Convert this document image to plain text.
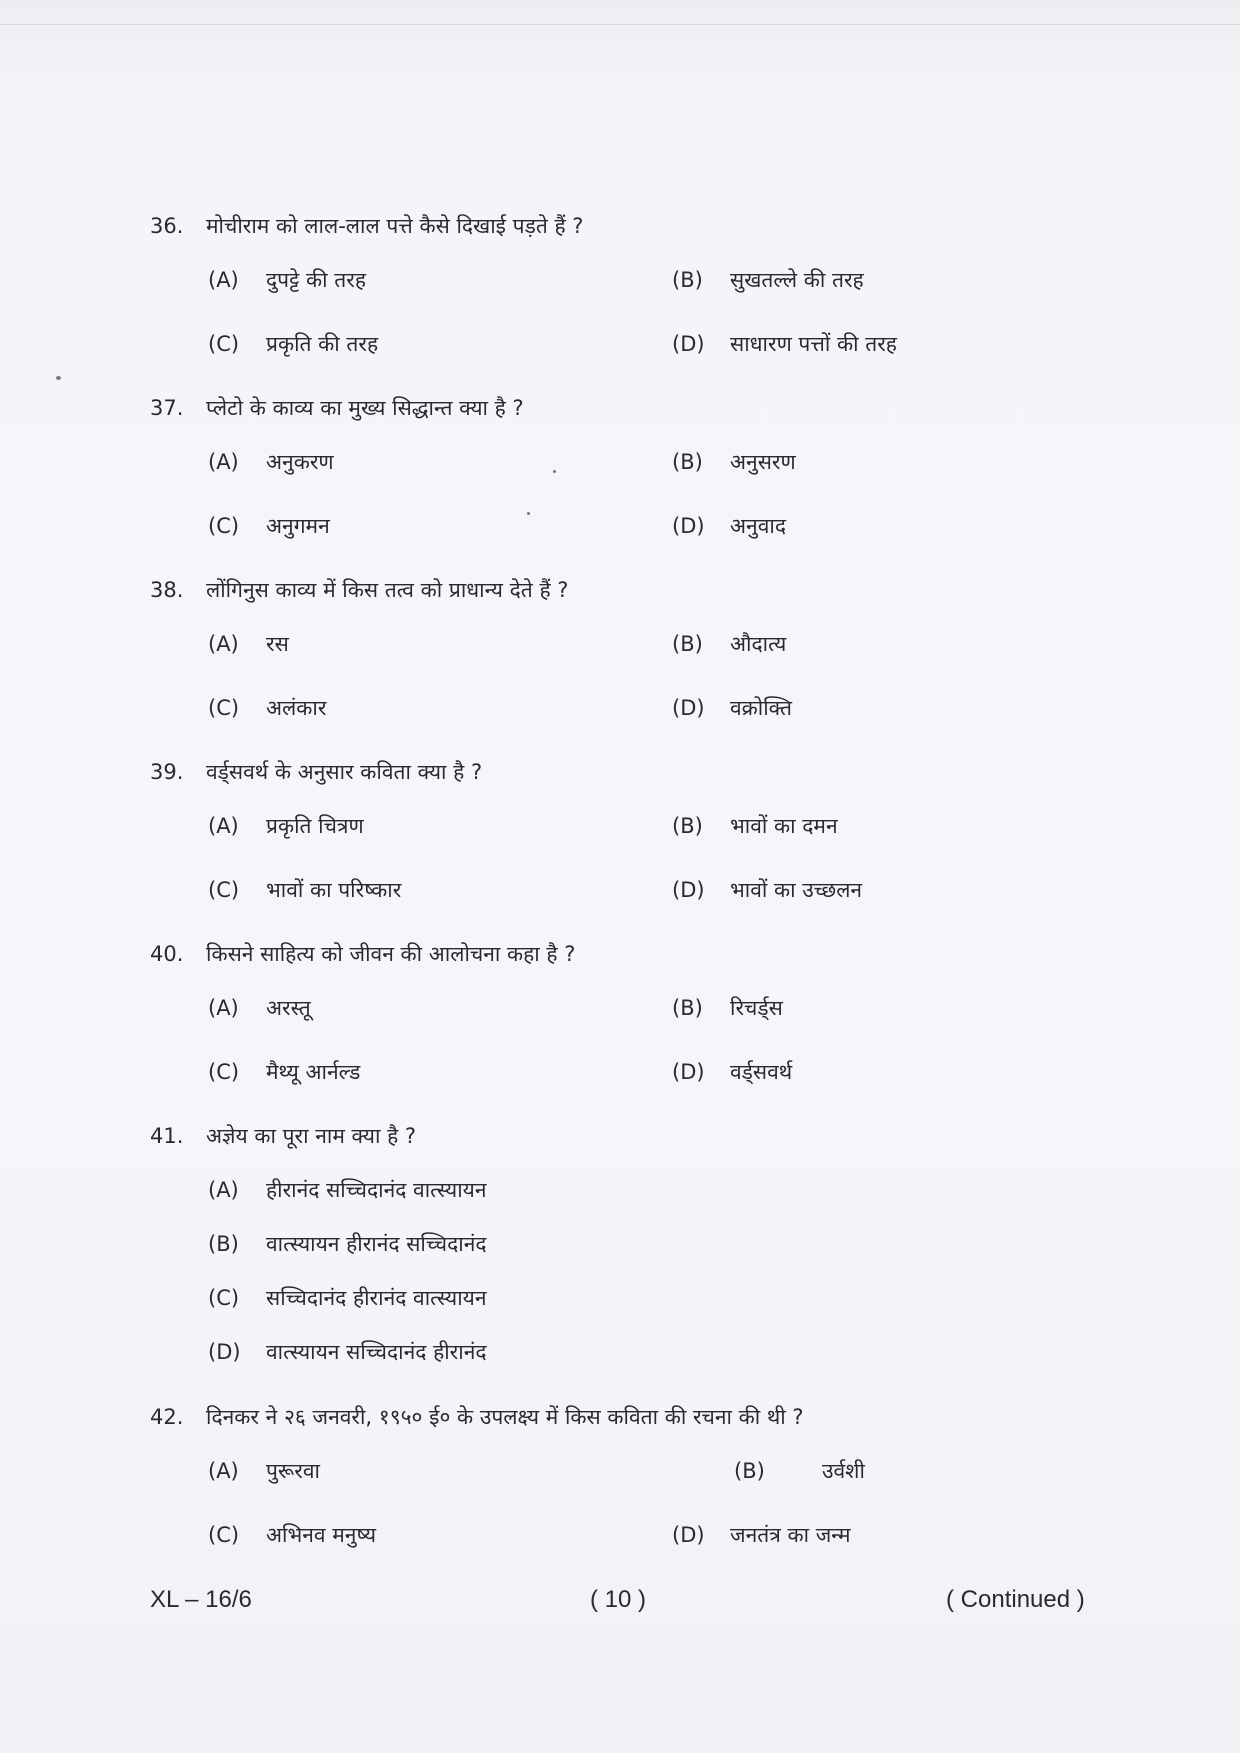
36. मोचीराम को लाल-लाल पत्ते कैसे दिखाई पड़ते हैं ?
(A) दुपट्टे की तरह	(B) सुखतल्ले की तरह
(C) प्रकृति की तरह	(D) साधारण पत्तों की तरह
37. प्लेटो के काव्य का मुख्य सिद्धान्त क्या है ?
(A) अनुकरण	(B) अनुसरण
(C) अनुगमन	(D) अनुवाद
38. लोंगिनुस काव्य में किस तत्व को प्राधान्य देते हैं ?
(A) रस	(B) औदात्य
(C) अलंकार	(D) वक्रोक्ति
39. वर्ड्सवर्थ के अनुसार कविता क्या है ?
(A) प्रकृति चित्रण	(B) भावों का दमन
(C) भावों का परिष्कार	(D) भावों का उच्छलन
40. किसने साहित्य को जीवन की आलोचना कहा है ?
(A) अरस्तू	(B) रिचर्ड्स
(C) मैथ्यू आर्नल्ड	(D) वर्ड्सवर्थ
41. अज्ञेय का पूरा नाम क्या है ?
(A) हीरानंद सच्चिदानंद वात्स्यायन
(B) वात्स्यायन हीरानंद सच्चिदानंद
(C) सच्चिदानंद हीरानंद वात्स्यायन
(D) वात्स्यायन सच्चिदानंद हीरानंद
42. दिनकर ने २६ जनवरी, १९५० ई० के उपलक्ष्य में किस कविता की रचना की थी ?
(A) पुरूरवा	(B)	उर्वशी
(C) अभिनव मनुष्य	(D) जनतंत्र का जन्म
XL – 16/6	( 10 )	( Continued )
